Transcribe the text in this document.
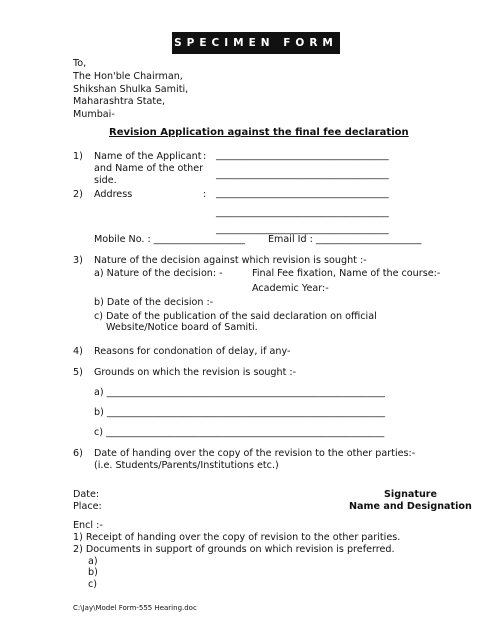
SPECIMEN FORM
To,
The Hon'ble Chairman,
Shikshan Shulka Samiti,
Maharashtra State,
Mumbai-
Revision Application against the final fee declaration
1) Name of the Applicant
and Name of the other
side.
: ____________________________________
____________________________________
2) Address	: ____________________________________
____________________________________
____________________________________
Mobile No. : ___________________ Email Id : ______________________
3) Nature of the decision against which revision is sought :-
a) Nature of the decision: -	Final Fee fixation, Name of the course:-
Academic Year:-
b) Date of the decision :-
c) Date of the publication of the said declaration on official
Website/Notice board of Samiti.
4) Reasons for condonation of delay, if any-
5) Grounds on which the revision is sought :-
a) __________________________________________________________
b) __________________________________________________________
c) __________________________________________________________
6) Date of handing over the copy of the revision to the other parties:-
(i.e. Students/Parents/Institutions etc.)
Date:
Place:
Signature
Name and Designation
Encl :-
1) Receipt of handing over the copy of revision to the other parities.
2) Documents in support of grounds on which revision is preferred.
a)
b)
c)
C:\Jay\Model Form-555 Hearing.doc
